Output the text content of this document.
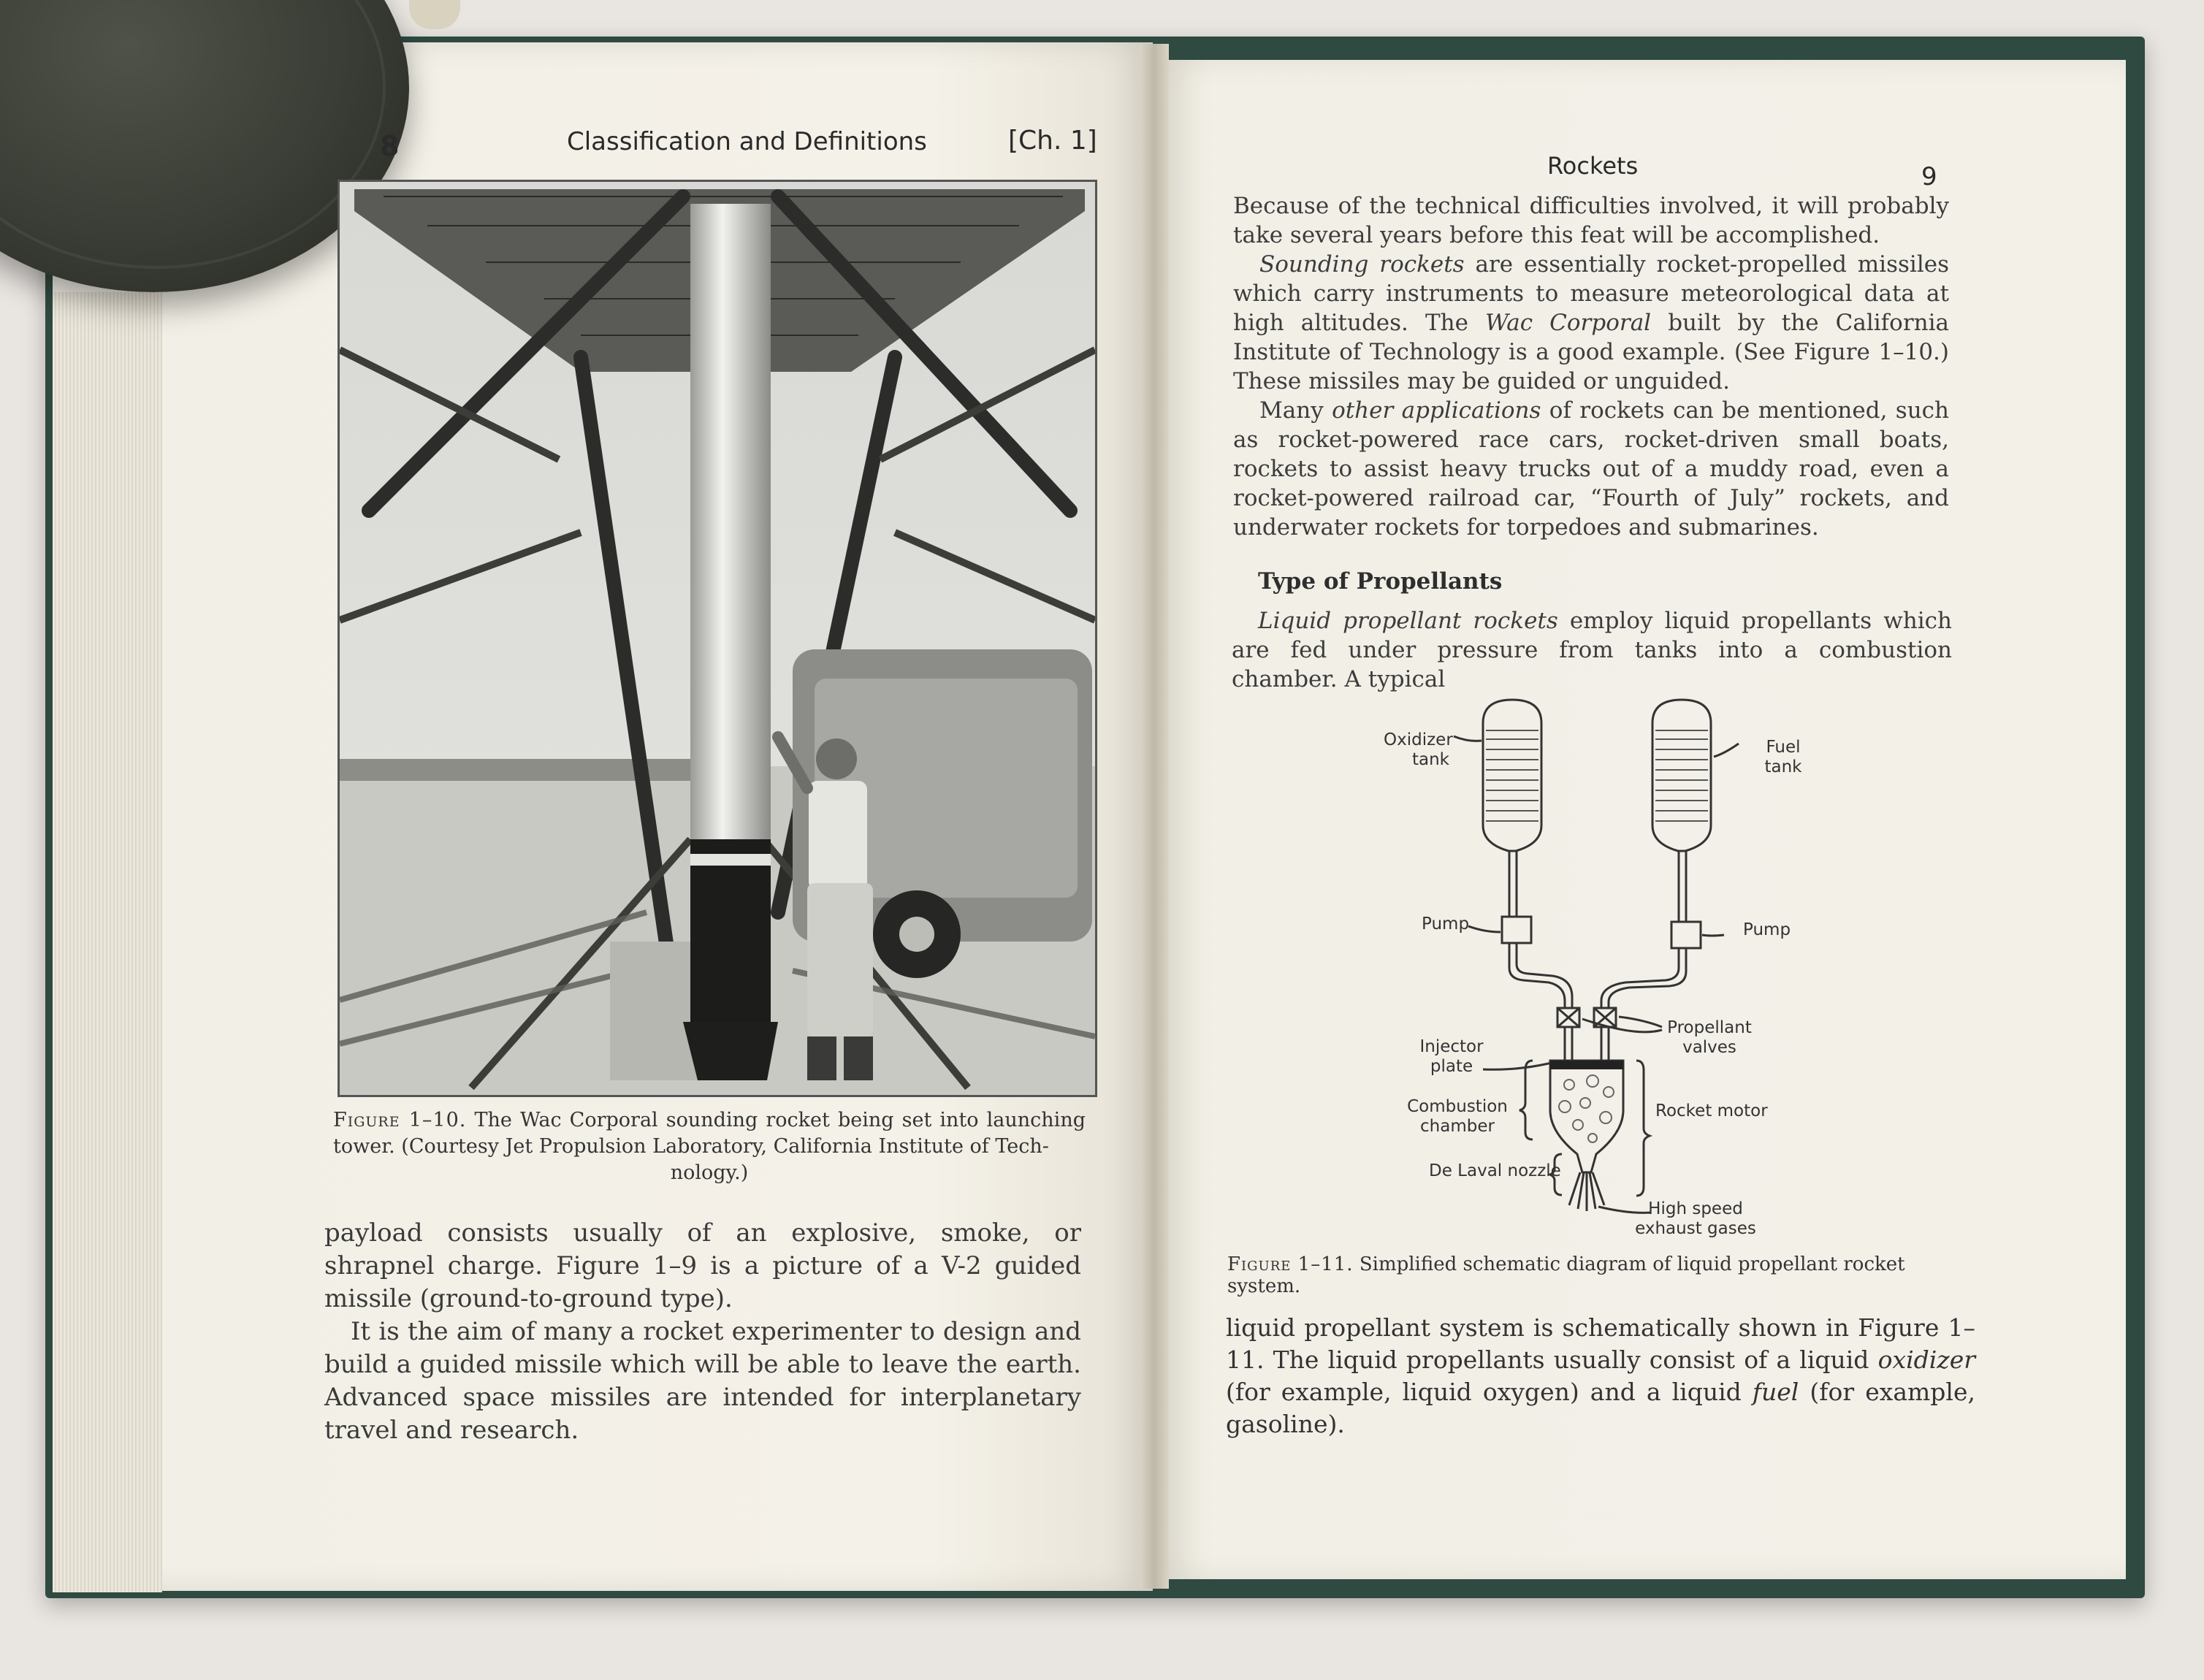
8	Classification and Definitions	[Ch. 1]
Figure 1–10. The Wac Corporal sounding rocket being set into launching tower. (Courtesy Jet Propulsion Laboratory, California Institute of Tech-
nology.)

payload consists usually of an explosive, smoke, or shrapnel charge. Figure 1–9 is a picture of a V-2 guided missile (ground-to-ground type).

It is the aim of many a rocket experimenter to design and build a guided missile which will be able to leave the earth. Advanced space missiles are intended for interplanetary travel and research.

Rockets	9

Because of the technical difficulties involved, it will probably take several years before this feat will be accomplished.

Sounding rockets are essentially rocket-propelled missiles which carry instruments to measure meteorological data at high altitudes. The Wac Corporal built by the California Institute of Technology is a good example. (See Figure 1–10.) These missiles may be guided or unguided.

Many other applications of rockets can be mentioned, such as rocket-powered race cars, rocket-driven small boats, rockets to assist heavy trucks out of a muddy road, even a rocket-powered railroad car, “Fourth of July” rockets, and underwater rockets for torpedoes and submarines.

Type of Propellants
Liquid propellant rockets employ liquid propellants which are fed under pressure from tanks into a combustion chamber. A typical
Oxidizer
tank
Fuel
tank
Pump	Pump
Propellant
valves
Injector
plate
Combustion
chamber
Rocket motor
De Laval nozzle
High speed
exhaust gases
Figure 1–11. Simplified schematic diagram of liquid propellant rocket system.

liquid propellant system is schematically shown in Figure 1–11. The liquid propellants usually consist of a liquid oxidizer (for example, liquid oxygen) and a liquid fuel (for example, gasoline).
